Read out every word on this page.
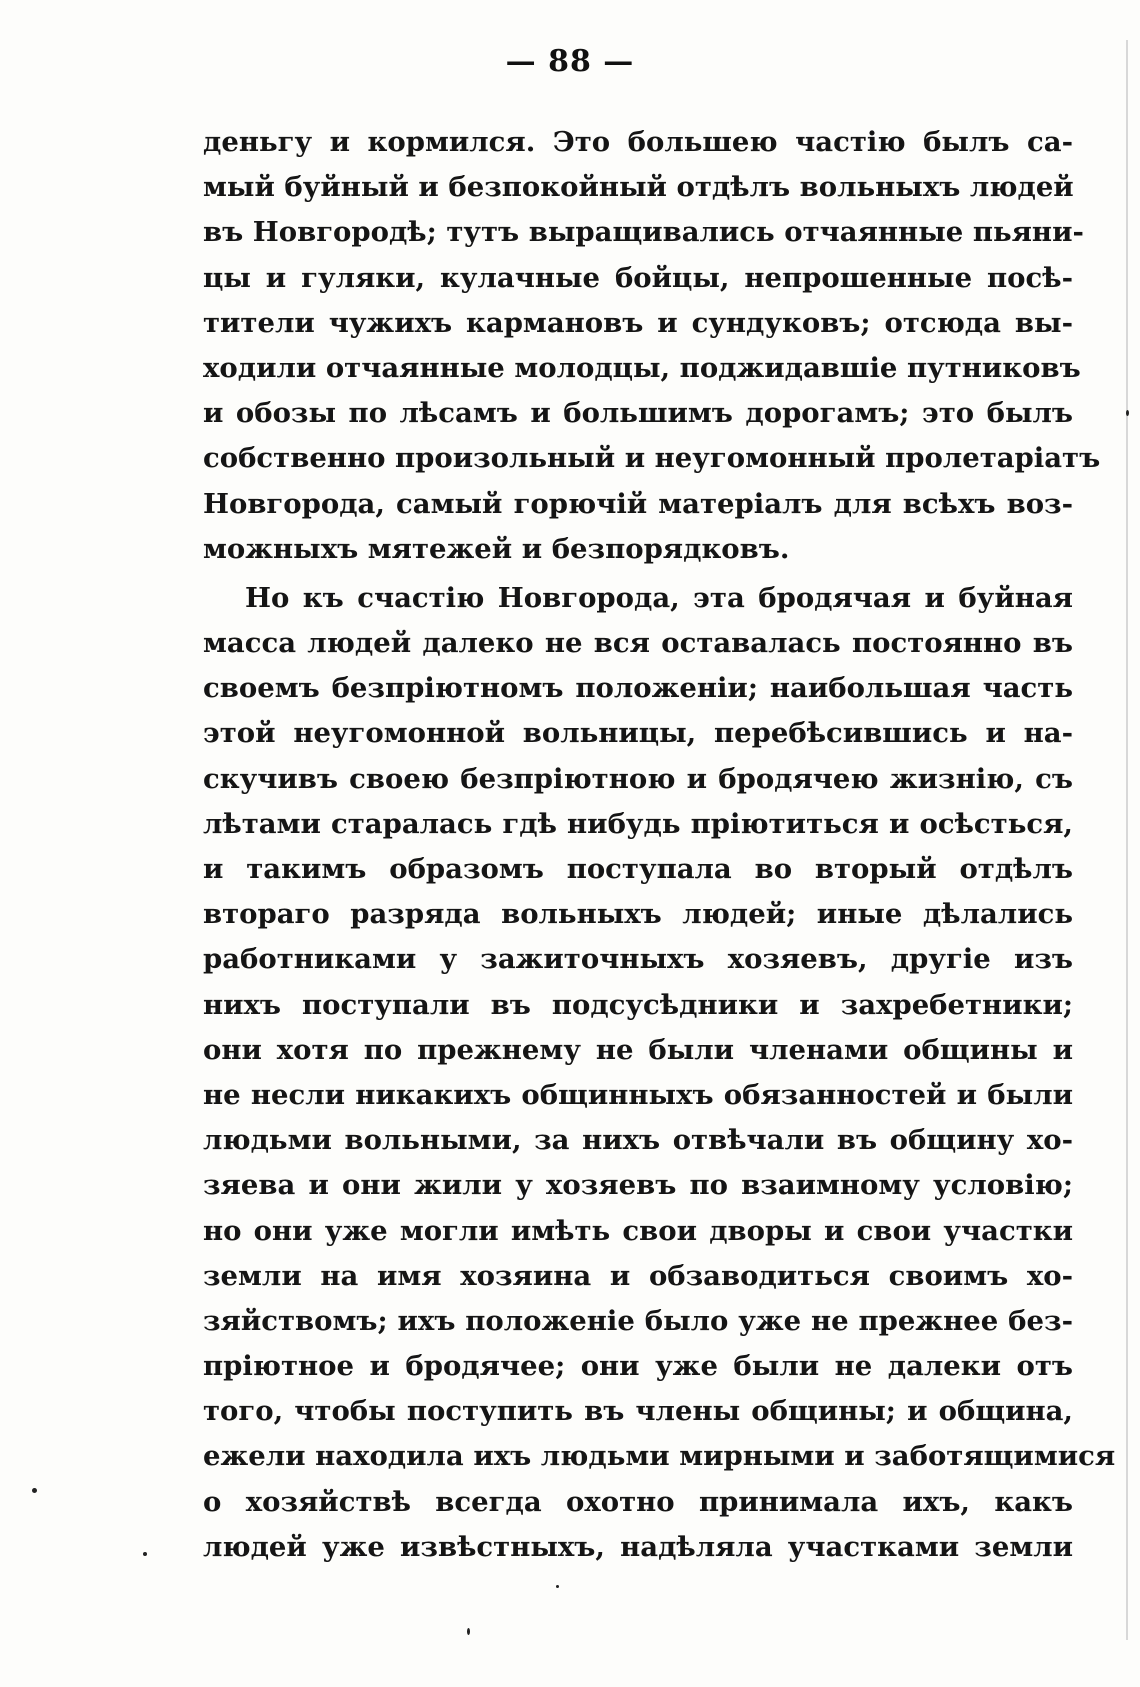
— 88 —
деньгу и кормился. Это большею частію былъ са-
мый буйный и безпокойный отдѣлъ вольныхъ людей
въ Новгородѣ; тутъ выращивались отчаянные пьяни-
цы и гуляки, кулачные бойцы, непрошенные посѣ-
тители чужихъ кармановъ и сундуковъ; отсюда вы-
ходили отчаянные молодцы, поджидавшіе путниковъ
и обозы по лѣсамъ и большимъ дорогамъ; это былъ
собственно произольный и неугомонный пролетаріатъ
Новгорода, самый горючій матеріалъ для всѣхъ воз-
можныхъ мятежей и безпорядковъ.
Но къ счастію Новгорода, эта бродячая и буйная
масса людей далеко не вся оставалась постоянно въ
своемъ безпріютномъ положеніи; наибольшая часть
этой неугомонной вольницы, перебѣсившись и на-
скучивъ своею безпріютною и бродячею жизнію, съ
лѣтами старалась гдѣ нибудь пріютиться и осѣсться,
и такимъ образомъ поступала во вторый отдѣлъ
втораго разряда вольныхъ людей; иные дѣлались
работниками у зажиточныхъ хозяевъ, другіе изъ
нихъ поступали въ подсусѣдники и захребетники;
они хотя по прежнему не были членами общины и
не несли никакихъ общинныхъ обязанностей и были
людьми вольными, за нихъ отвѣчали въ общину хо-
зяева и они жили у хозяевъ по взаимному условію;
но они уже могли имѣть свои дворы и свои участки
земли на имя хозяина и обзаводиться своимъ хо-
зяйствомъ; ихъ положеніе было уже не прежнее без-
пріютное и бродячее; они уже были не далеки отъ
того, чтобы поступить въ члены общины; и община,
ежели находила ихъ людьми мирными и заботящимися
о хозяйствѣ всегда охотно принимала ихъ, какъ
людей уже извѣстныхъ, надѣляла участками земли
